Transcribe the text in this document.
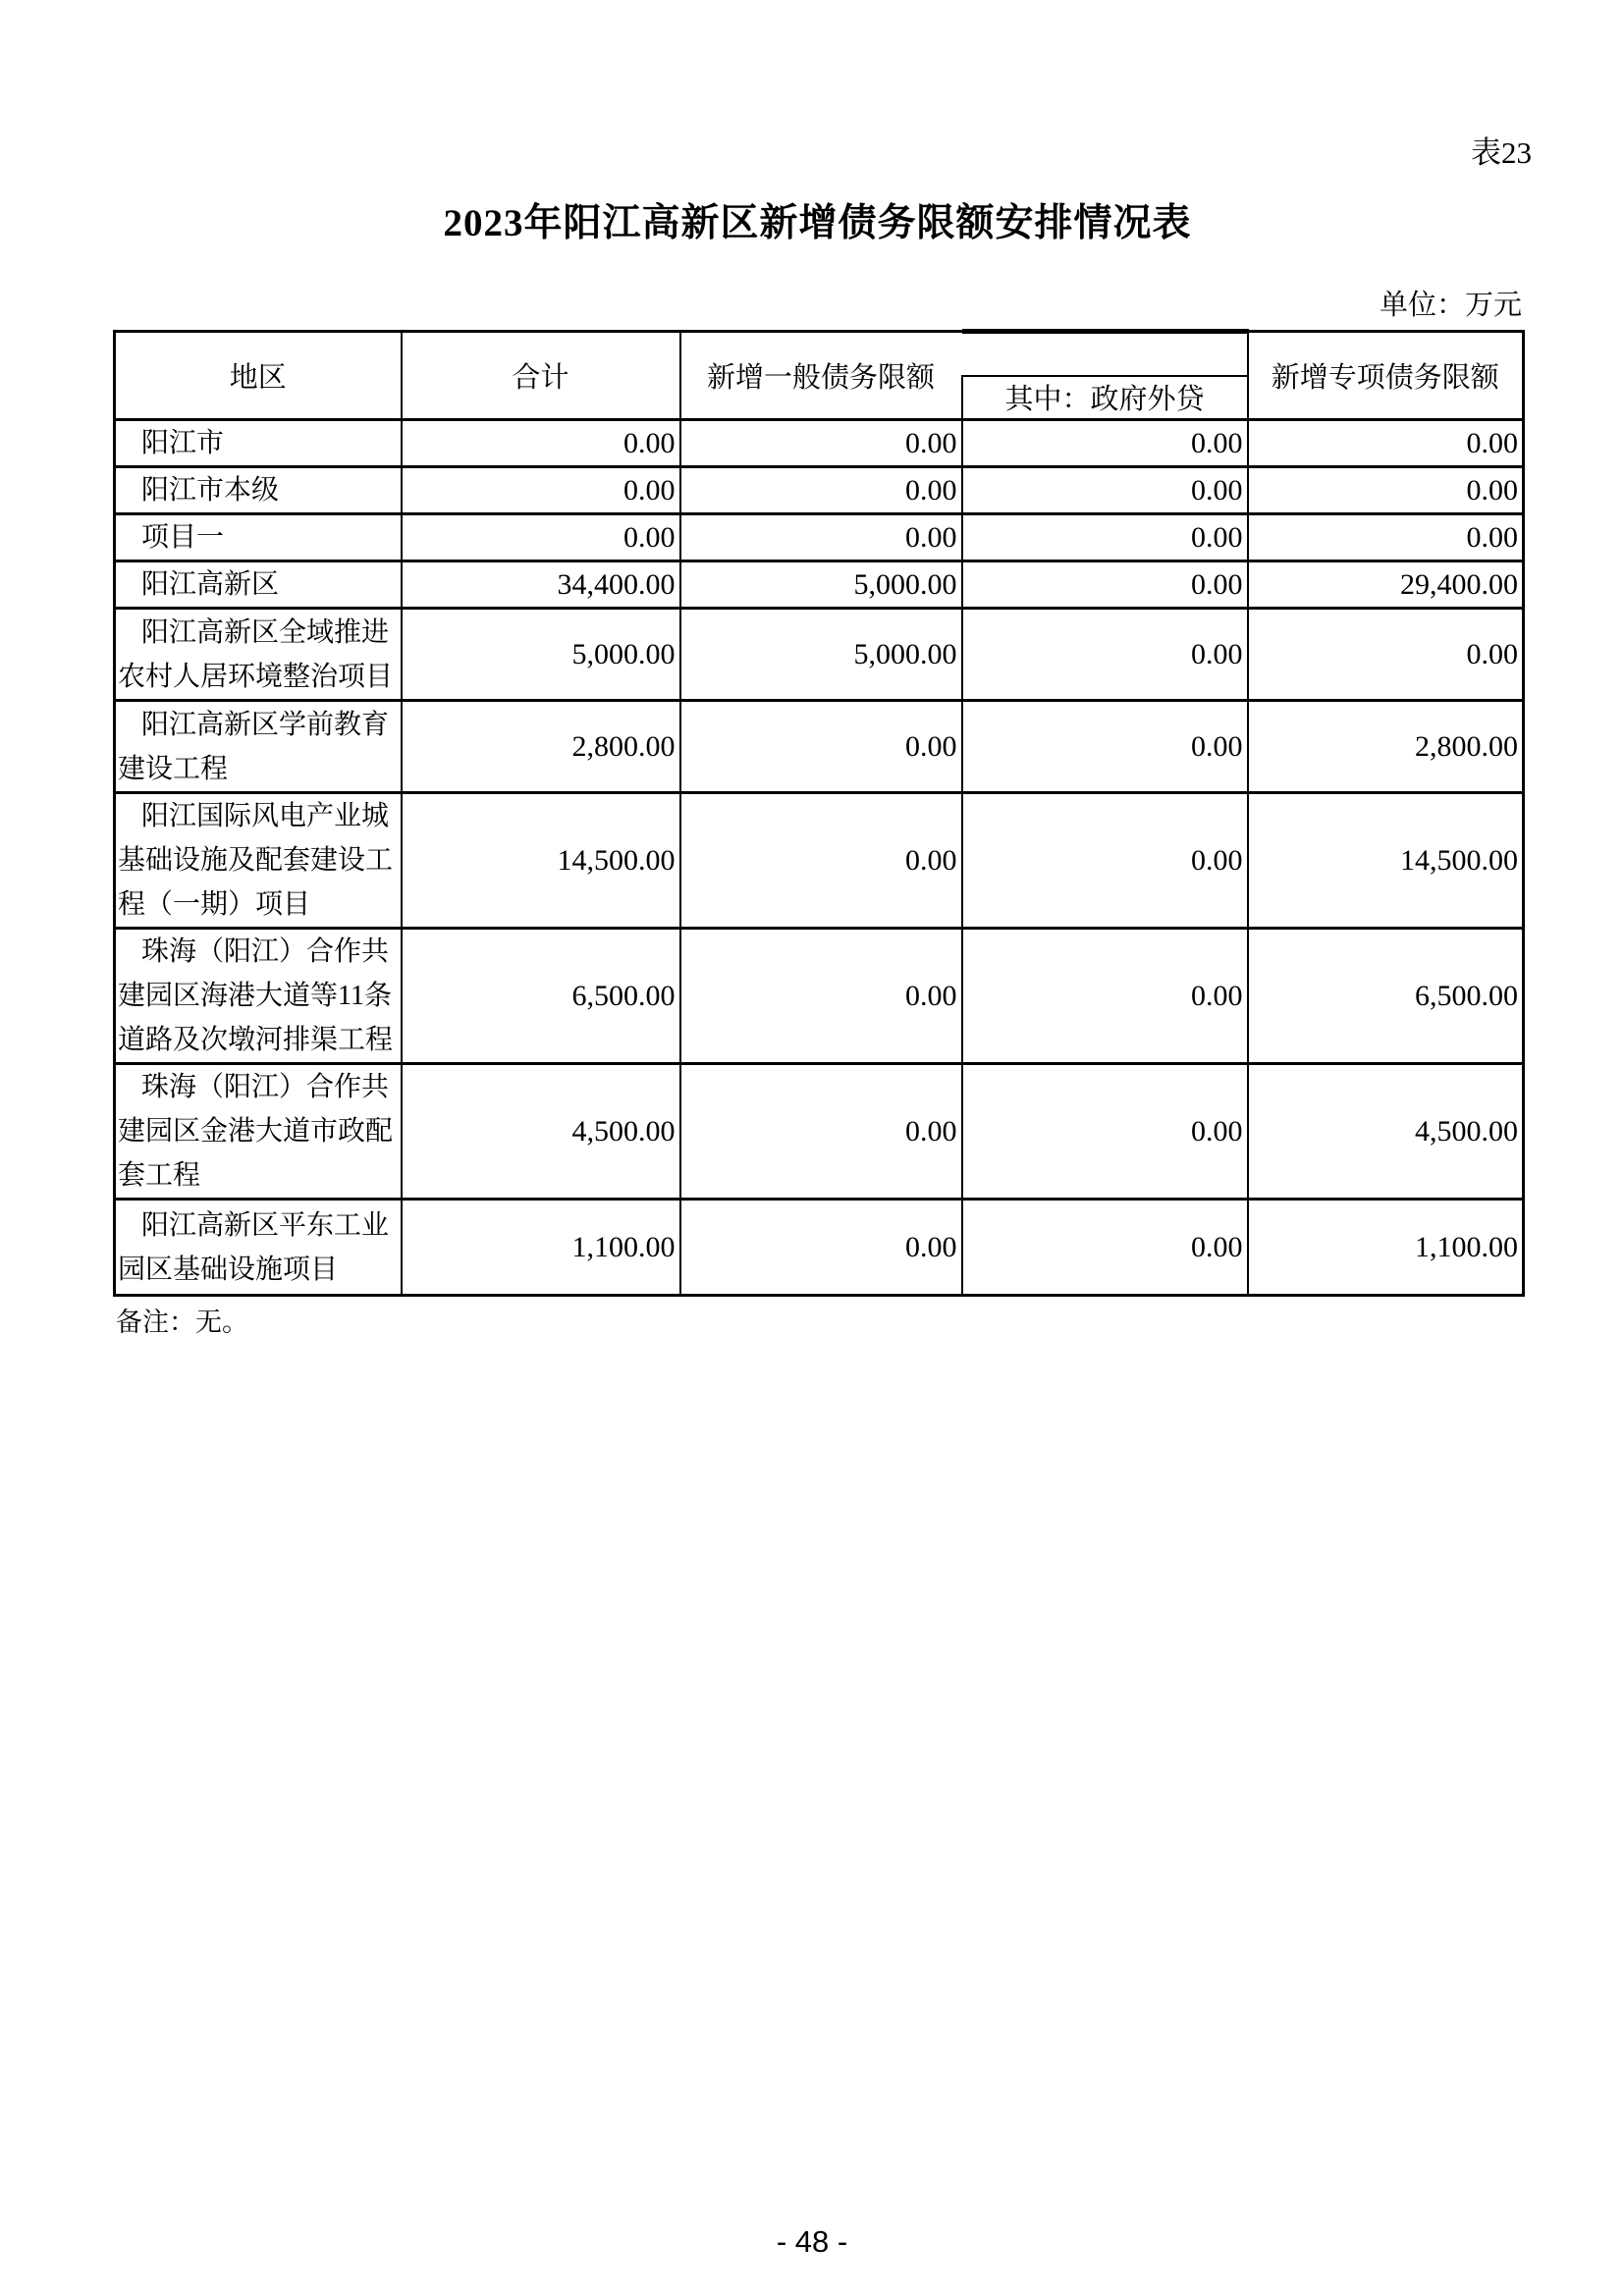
表23
2023年阳江高新区新增债务限额安排情况表
单位：万元
地区	合计	新增一般债务限额		新增专项债务限额
			其中：政府外贷	
阳江市	0.00	0.00	0.00	0.00
阳江市本级	0.00	0.00	0.00	0.00
项目一	0.00	0.00	0.00	0.00
阳江高新区	34,400.00	5,000.00	0.00	29,400.00
阳江高新区全域推进农村人居环境整治项目	5,000.00	5,000.00	0.00	0.00
阳江高新区学前教育建设工程	2,800.00	0.00	0.00	2,800.00
阳江国际风电产业城基础设施及配套建设工程（一期）项目	14,500.00	0.00	0.00	14,500.00
珠海（阳江）合作共建园区海港大道等11条道路及次墩河排渠工程	6,500.00	0.00	0.00	6,500.00
珠海（阳江）合作共建园区金港大道市政配套工程	4,500.00	0.00	0.00	4,500.00
阳江高新区平东工业园区基础设施项目	1,100.00	0.00	0.00	1,100.00
备注：无。
- 48 -
